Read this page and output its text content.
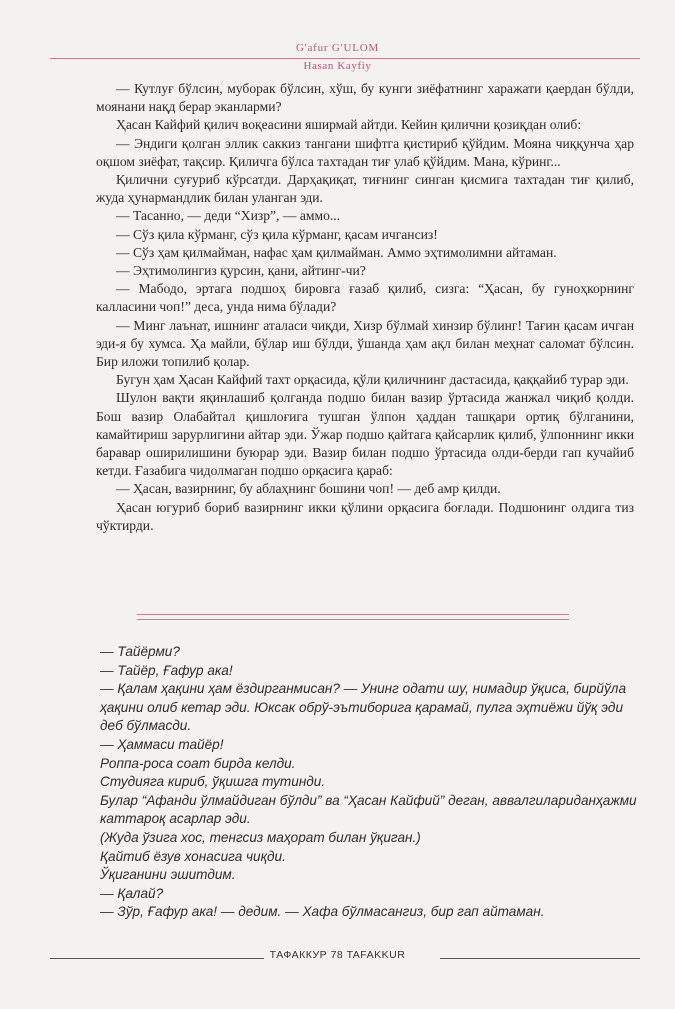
G'afur G'ULOM
Hasan Kayfiy

— Кутлуғ бўлсин, муборак бўлсин, хўш, бу кунги зиёфатнинг харажати қаердан бўлди, моянани нақд берар эканларми?

Ҳасан Кайфий қилич воқеасини яширмай айтди. Кейин қилични қозиқдан олиб:

— Эндиги қолган эллик саккиз тангани шифтга қистириб қўйдим. Мояна чиққунча ҳар оқшом зиёфат, тақсир. Қиличга бўлса тахтадан тиғ улаб қўйдим. Мана, кўринг...

Қилични суғуриб кўрсатди. Дарҳақиқат, тиғнинг синган қисмига тахтадан тиғ қилиб, жуда ҳунармандлик билан уланган эди.

— Тасанно, — деди “Хизр”, — аммо...

— Сўз қила кўрманг, сўз қила кўрманг, қасам ичгансиз!

— Сўз ҳам қилмайман, нафас ҳам қилмайман. Аммо эҳтимолимни айтаман.

— Эҳтимолингиз қурсин, қани, айтинг-чи?

— Мабодо, эртага подшоҳ бировга ғазаб қилиб, сизга: “Ҳасан, бу гуноҳкорнинг калласини чоп!” деса, унда нима бўлади?

— Минг лаънат, ишнинг аталаси чиқди, Хизр бўлмай хинзир бўлинг! Тағин қасам ичган эди-я бу хумса. Ҳа майли, бўлар иш бўлди, ўшанда ҳам ақл билан меҳнат саломат бўлсин. Бир иложи топилиб қолар.

Бугун ҳам Ҳасан Кайфий тахт орқасида, қўли қиличнинг дастасида, қаққайиб турар эди.

Шулон вақти яқинлашиб қолганда подшо билан вазир ўртасида жанжал чиқиб қолди. Бош вазир Олабайтал қишлоғига тушган ўлпон ҳаддан ташқари ортиқ бўлганини, камайтириш зарурлигини айтар эди. Ўжар подшо қайтага қайсарлик қилиб, ўлпоннинг икки баравар оширилишини буюрар эди. Вазир билан подшо ўртасида олди-берди гап кучайиб кетди. Ғазабига чидолмаган подшо орқасига қараб:

— Ҳасан, вазирнинг, бу аблаҳнинг бошини чоп! — деб амр қилди.

Ҳасан югуриб бориб вазирнинг икки қўлини орқасига боғлади. Подшонинг олдига тиз чўктирди.

— Тайёрми?

— Тайёр, Ғафур ака!

— Қалам ҳақини ҳам ёздирганмисан? — Унинг одати шу, нимадир ўқиса, бирйўла ҳақини олиб кетар эди. Юксак обрў-эътиборига қарамай, пулга эҳтиёжи йўқ эди деб бўлмасди.

— Ҳаммаси тайёр!

Роппа-роса соат бирда келди.

Студияга кириб, ўқишга тутинди.

Булар “Афанди ўлмайдиган бўлди” ва “Ҳасан Кайфий” деган, аввалгилариданҳажми каттароқ асарлар эди.

(Жуда ўзига хос, тенгсиз маҳорат билан ўқиган.)

Қайтиб ёзув хонасига чиқди.

Ўқиганини эшитдим.

— Қалай?

— Зўр, Ғафур ака! — дедим. — Хафа бўлмасангиз, бир гап айтаман.

ТАФАККУР 78 TAFAKKUR
